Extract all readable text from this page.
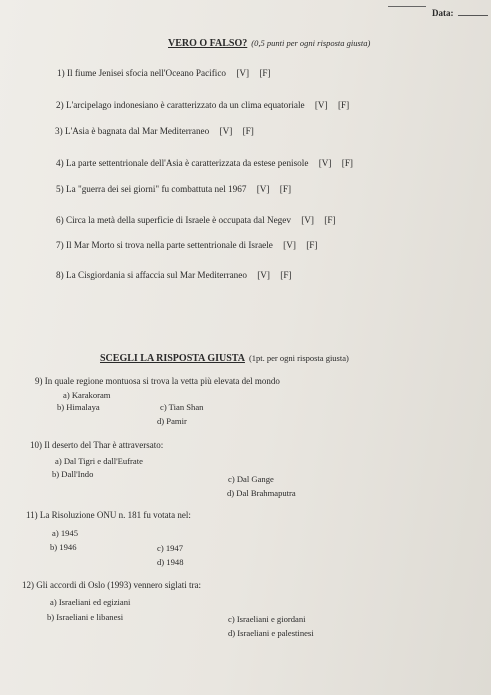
Data:
VERO O FALSO? (0,5 punti per ogni risposta giusta)
1) Il fiume Jenisei sfocia nell'Oceano Pacifico [V] [F]
2) L'arcipelago indonesiano è caratterizzato da un clima equatoriale [V] [F]
3) L'Asia è bagnata dal Mar Mediterraneo [V] [F]
4) La parte settentrionale dell'Asia è caratterizzata da estese penisole [V] [F]
5) La "guerra dei sei giorni" fu combattuta nel 1967 [V] [F]
6) Circa la metà della superficie di Israele è occupata dal Negev [V] [F]
7) Il Mar Morto si trova nella parte settentrionale di Israele [V] [F]
8) La Cisgiordania si affaccia sul Mar Mediterraneo [V] [F]
SCEGLI LA RISPOSTA GIUSTA (1pt. per ogni risposta giusta)
9) In quale regione montuosa si trova la vetta più elevata del mondo
a) Karakoram
b) Himalaya	c) Tian Shan
d) Pamir
10) Il deserto del Thar è attraversato:
a) Dal Tigri e dall'Eufrate
b) Dall'Indo	c) Dal Gange
d) Dal Brahmaputra
11) La Risoluzione ONU n. 181 fu votata nel:
a) 1945
b) 1946	c) 1947
d) 1948
12) Gli accordi di Oslo (1993) vennero siglati tra:
a) Israeliani ed egiziani
b) Israeliani e libanesi	c) Israeliani e giordani
d) Israeliani e palestinesi
